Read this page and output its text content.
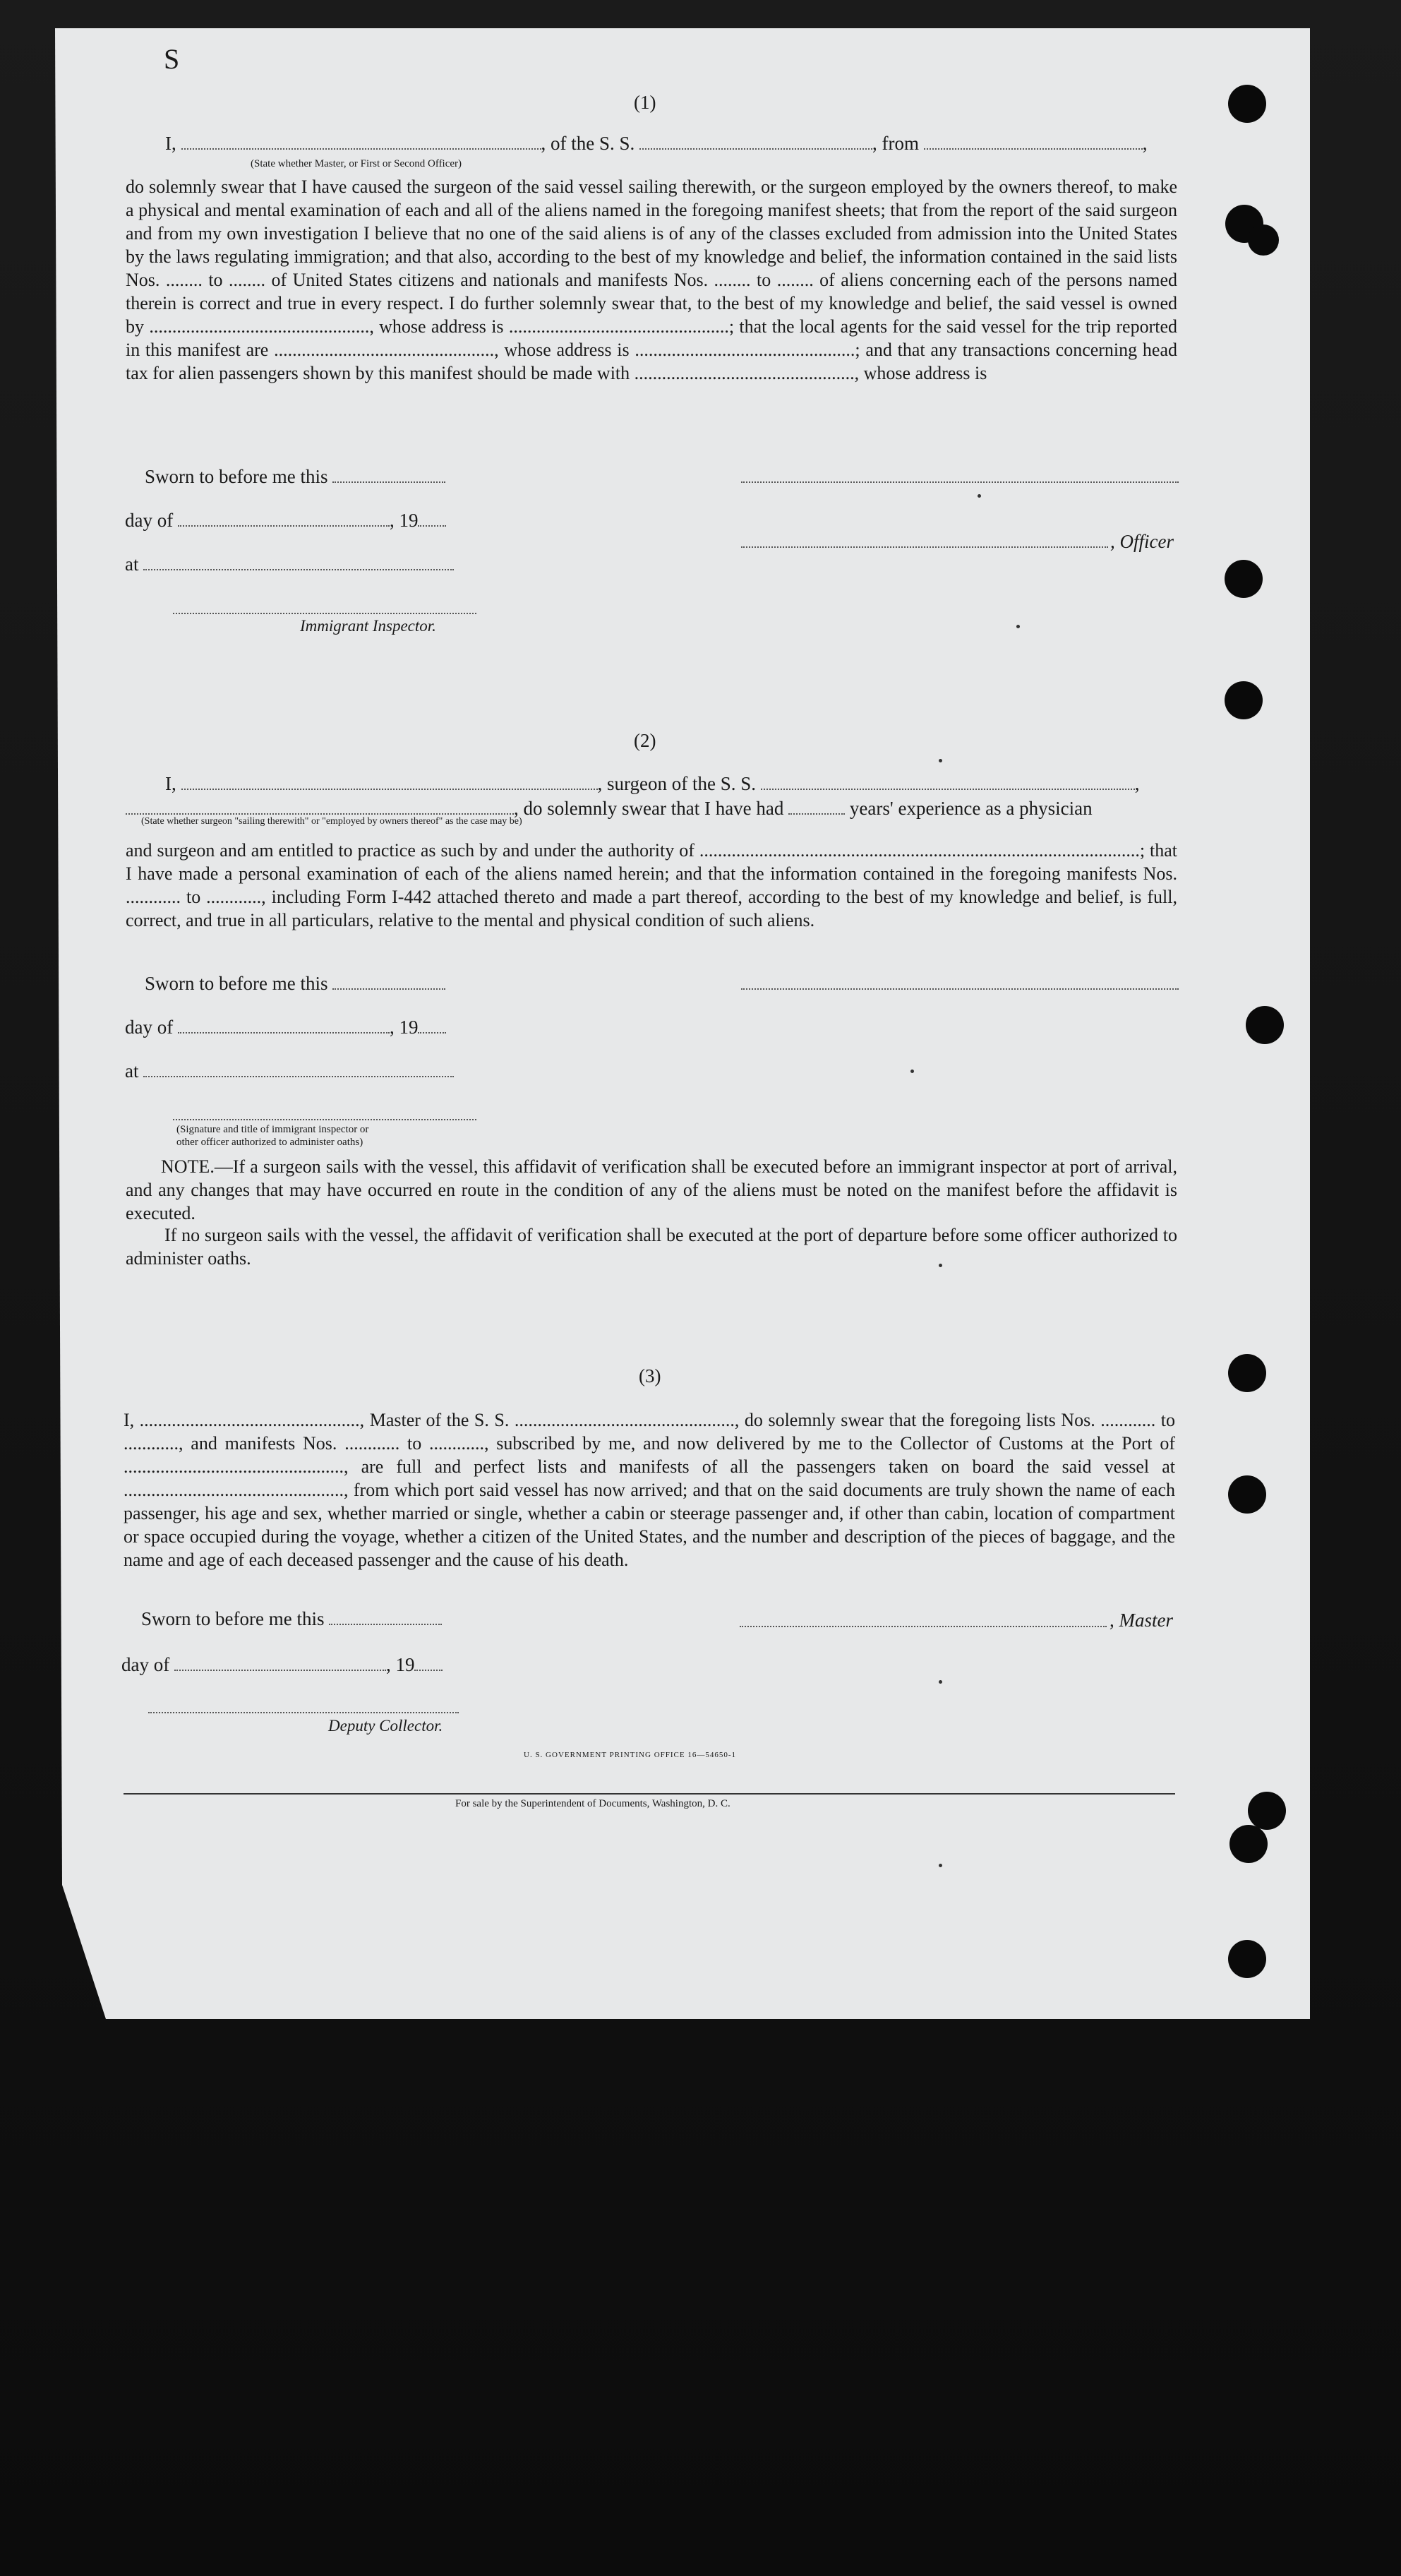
S
(1)
I,	, of the S. S.	, from	,
(State whether Master, or First or Second Officer)
do solemnly swear that I have caused the surgeon of the said vessel sailing therewith, or the surgeon employed by the owners thereof, to make a physical and mental examination of each and all of the aliens named in the foregoing manifest sheets; that from the report of the said surgeon and from my own investigation I believe that no one of the said aliens is of any of the classes excluded from admission into the United States by the laws regulating immigration; and that also, according to the best of my knowledge and belief, the information contained in the said lists Nos. ........ to ........ of United States citizens and nationals and manifests Nos. ........ to ........ of aliens concerning each of the persons named therein is correct and true in every respect. I do further solemnly swear that, to the best of my knowledge and belief, the said vessel is owned by ................................................, whose address is ................................................; that the local agents for the said vessel for the trip reported in this manifest are ................................................, whose address is ................................................; and that any transactions concerning head tax for alien passengers shown by this manifest should be made with ................................................, whose address is
Sworn to before me this
day of	, 19
, Officer
at
Immigrant Inspector.
(2)
I,	, surgeon of the S. S.	,
, do solemnly swear that I have had	years' experience as a physician
(State whether surgeon "sailing therewith" or "employed by owners thereof" as the case may be)
and surgeon and am entitled to practice as such by and under the authority of ................................................................................................; that I have made a personal examination of each of the aliens named herein; and that the information contained in the foregoing manifests Nos. ............ to ............, including Form I-442 attached thereto and made a part thereof, according to the best of my knowledge and belief, is full, correct, and true in all particulars, relative to the mental and physical condition of such aliens.
Sworn to before me this
day of	, 19
at
(Signature and title of immigrant inspector or
other officer authorized to administer oaths)
NOTE.—If a surgeon sails with the vessel, this affidavit of verification shall be executed before an immigrant inspector at port of arrival, and any changes that may have occurred en route in the condition of any of the aliens must be noted on the manifest before the affidavit is executed.
If no surgeon sails with the vessel, the affidavit of verification shall be executed at the port of departure before some officer authorized to administer oaths.
(3)
I, ................................................, Master of the S. S. ................................................, do solemnly swear that the foregoing lists Nos. ............ to ............, and manifests Nos. ............ to ............, subscribed by me, and now delivered by me to the Collector of Customs at the Port of ................................................, are full and perfect lists and manifests of all the passengers taken on board the said vessel at ................................................, from which port said vessel has now arrived; and that on the said documents are truly shown the name of each passenger, his age and sex, whether married or single, whether a cabin or steerage passenger and, if other than cabin, location of compartment or space occupied during the voyage, whether a citizen of the United States, and the number and description of the pieces of baggage, and the name and age of each deceased passenger and the cause of his death.
Sworn to before me this	, Master
day of	, 19
Deputy Collector.
U. S. GOVERNMENT PRINTING OFFICE 16—54650-1
For sale by the Superintendent of Documents, Washington, D. C.
